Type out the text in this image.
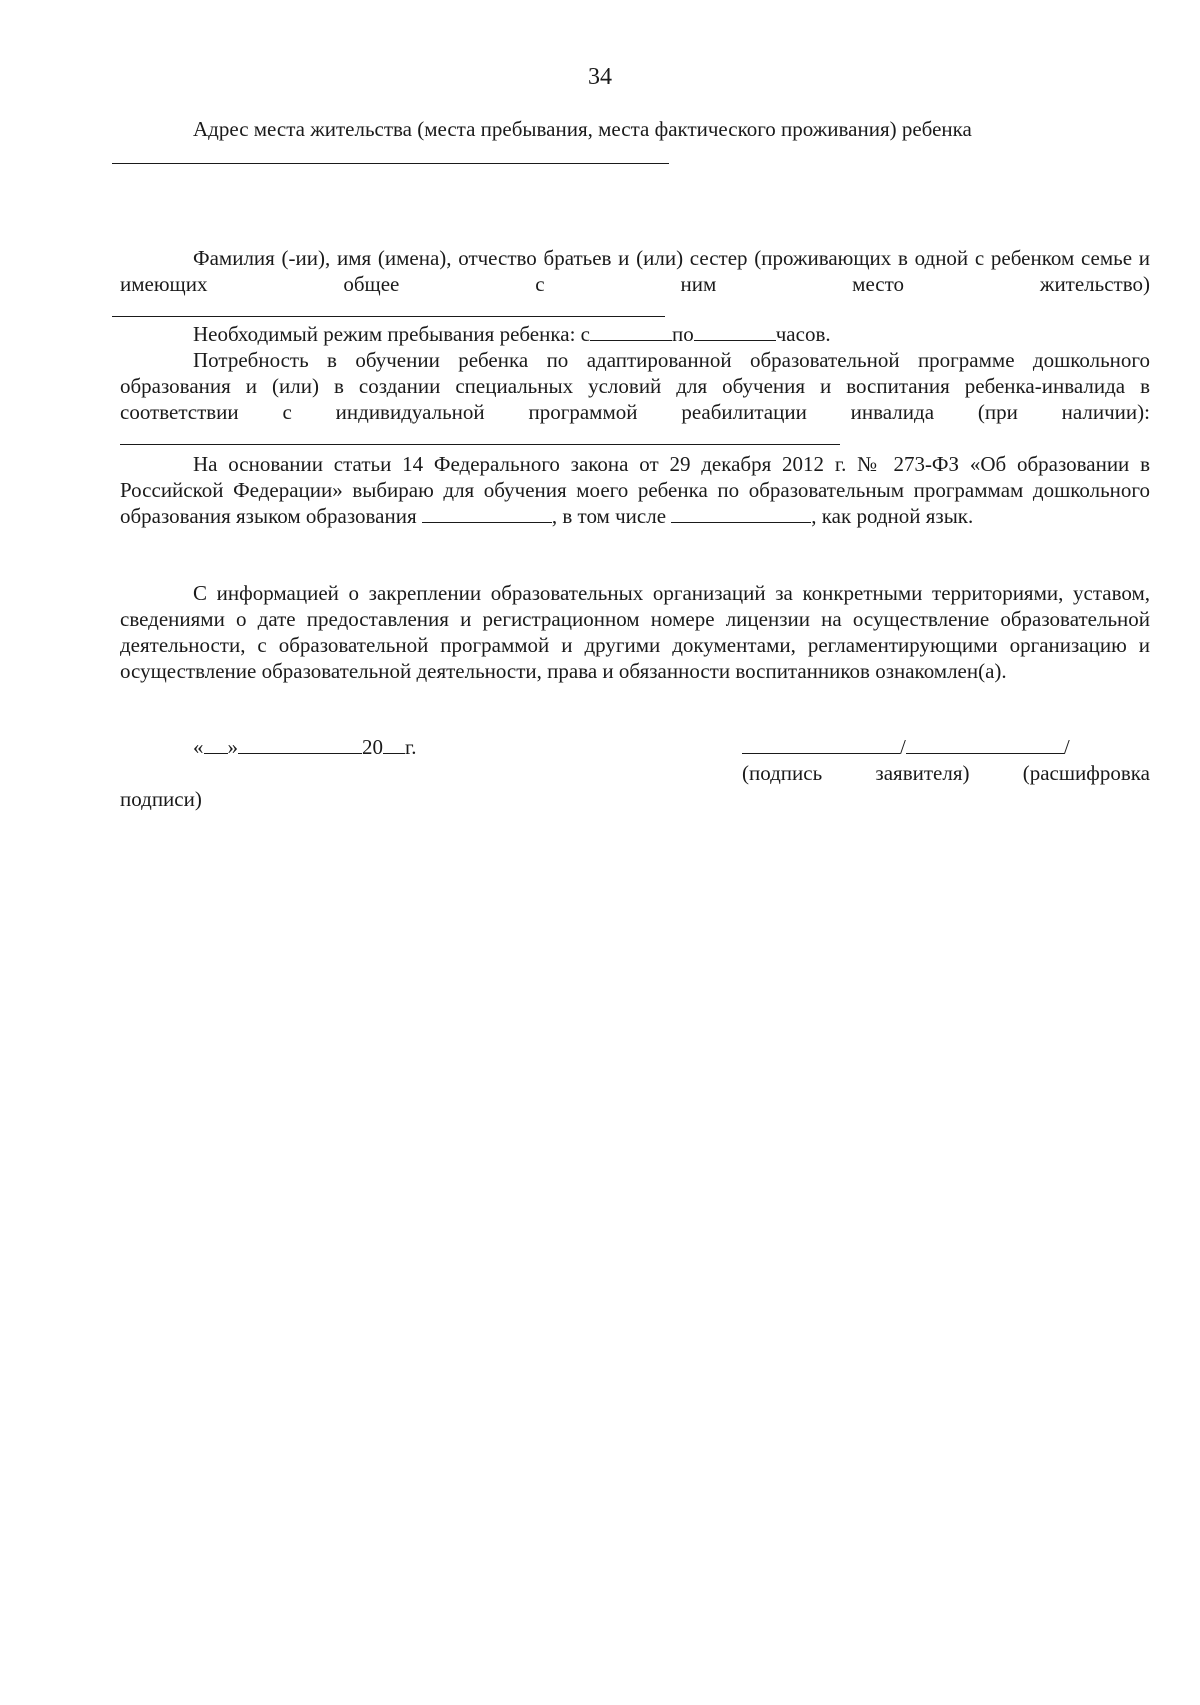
34

Адрес места жительства (места пребывания, места фактического проживания) ребенка

Фамилия (-ии), имя (имена), отчество братьев и (или) сестер (проживающих в одной с ребенком семье и имеющих общее с ним место жительство)

Необходимый режим пребывания ребенка: с	по	часов.

Потребность в обучении ребенка по адаптированной образовательной программе дошкольного образования и (или) в создании специальных условий для обучения и воспитания ребенка-инвалида в соответствии с индивидуальной программой реабилитации инвалида (при наличии):

На основании статьи 14 Федерального закона от 29 декабря 2012 г. № 273-ФЗ «Об образовании в Российской Федерации» выбираю для обучения моего ребенка по образовательным программам дошкольного образования языком образования	, в том числе	, как родной язык.

С информацией о закреплении образовательных организаций за конкретными территориями, уставом, сведениями о дате предоставления и регистрационном номере лицензии на осуществление образовательной деятельности, с образовательной программой и другими документами, регламентирующими организацию и осуществление образовательной деятельности, права и обязанности воспитанников ознакомлен(а).

« »	20 г.	/	/
(подпись заявителя) (расшифровка
подписи)
